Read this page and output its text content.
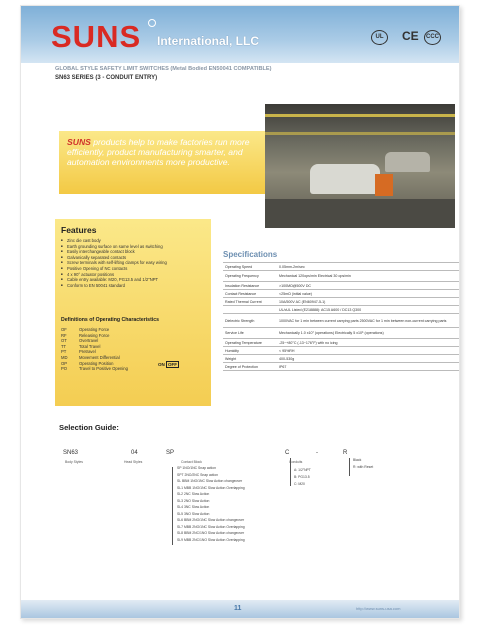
SUNS International, LLC	UL	CE	CCC
GLOBAL STYLE SAFETY LIMIT SWITCHES (Metal Bodied EN50041 COMPATIBLE)
SN63 SERIES (3 - CONDUIT ENTRY)
SUNS products help to make factories run more efficiently, product manufacturing smarter, and automation environments more productive.
Features
■ Zinc die cast body
■ Earth grounding surface on same level as switching
■ Easily interchangeable contact block
■ Galvanically separated contacts
■ Screw terminals with self-lifting clamps for easy wiring
■ Positive Opening of NC contacts
■ 4 x 90° actuator positions
■ Cable entry available: M20, PG13.5 and 1/2"NPT
■ Conform to EN 50041 standard
Definitions of Operating Characteristics
OF	Operating Force
RF	Releasing Force
OT	Overtravel
TT	Total Travel
PT	Pretravel
MD	Movement Differential
OP	Operating Position
PO	Travel to Positive Opening
ON OFF
Specifications
Operating Speed	0.05mm-2m/sec
Operating Frequency	Mechanical 120ops/min Electrical 30 ops/min
Insulation Resistance	>100MΩ@500V DC
Contact Resistance	<25mΩ (initial value)
Rated Thermal Current	10A/500V AC (EN60947-5-1)
	UL/cUL Listed (E218888): AC15 A600 / DC13 Q300
Dielectric Strength	1000VAC for 1 min between current carrying parts 2500VAC for 1 min between non-current carrying parts
Service Life	Mechanically 1.0 x10⁷ (operations) Electrically 5 x10⁵ (operations)
Operating Temperature	-25~+80°C (-13~176°F) with no icing
Humidity	< 95%RH
Weight	400-530g
Degree of Protection	IP67
Selection Guide:
SN63	04	SP	C	-	R
Body Styles	Head Styles	Contact Block	Conduits
SP 1NO/1NC Snap action
SPT 2NO/2NC Snap action
SL BBM 1NO/1NC Slow Action changeover
SL1 MBB 1NO/1NC Slow Action Overlapping
SL2 2NC Slow Action
SL3 2NO Slow Action
SL4 3NC Slow Action
SL5 3NO Slow Action
SL6 BBM 2NO/1NC Slow Action changeover
SL7 MBB 2NO/1NC Slow Action Overlapping
SL8 BBM 2NC/1NO Slow Action changeover
SL9 MBB 2NC/1NO Slow Action Overlapping
A: 1/2"NPT
B: PG13.5
C: M20
Black
R: with Reset
11	http://www.suns-usa.com
